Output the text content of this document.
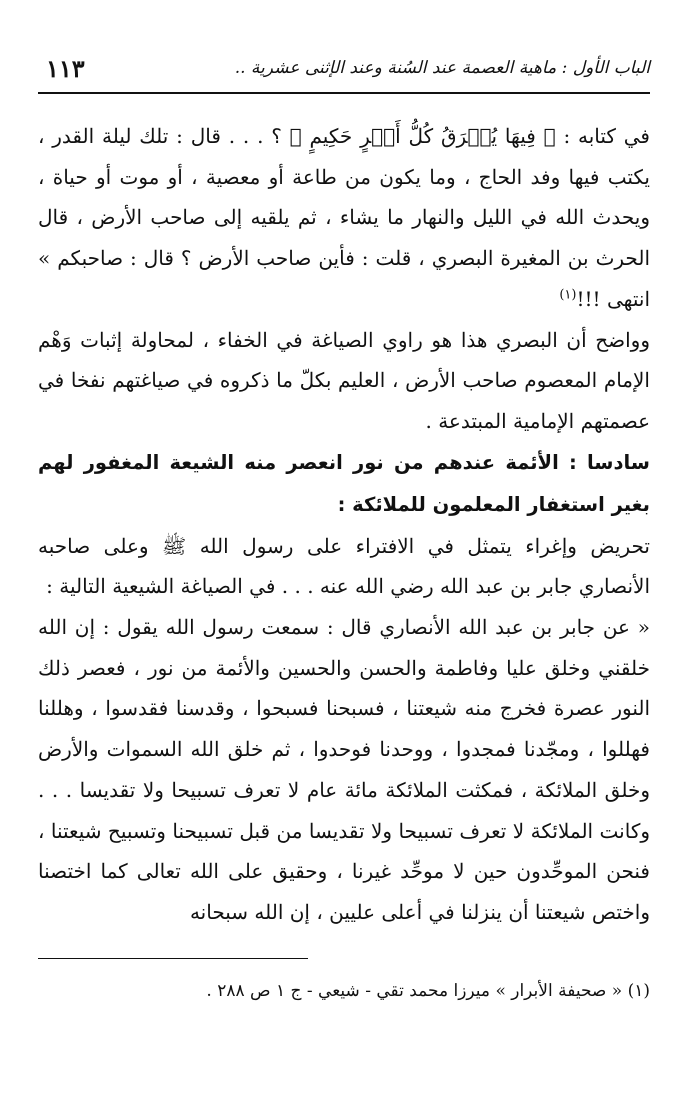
الباب الأول : ماهية العصمة عند السُنة وعند الإثنى عشرية ..
١١٣

في كتابه : ﴿ فِيهَا يُفۡرَقُ كُلُّ أَمۡرٍ حَكِيمٍ ﴾ ؟ . . . قال : تلك ليلة القدر ، يكتب فيها وفد الحاج ، وما يكون من طاعة أو معصية ، أو موت أو حياة ، ويحدث الله في الليل والنهار ما يشاء ، ثم يلقيه إلى صاحب الأرض ، قال الحرث بن المغيرة البصري ، قلت : فأين صاحب الأرض ؟ قال : صاحبكم » انتهى !!!$^{(١)}$

وواضح أن البصري هذا هو راوي الصياغة في الخفاء ، لمحاولة إثبات وَهْم الإمام المعصوم صاحب الأرض ، العليم بكلّ ما ذكروه في صياغتهم نفخا في عصمتهم الإمامية المبتدعة .

سادسا : الأئمة عندهم من نور انعصر منه الشيعة المغفور لهم بغير استغفار المعلمون للملائكة :

تحريض وإغراء يتمثل في الافتراء على رسول الله ﷺ وعلى صاحبه الأنصاري جابر بن عبد الله رضي الله عنه . . . في الصياغة الشيعية التالية :

« عن جابر بن عبد الله الأنصاري قال : سمعت رسول الله يقول : إن الله خلقني وخلق عليا وفاطمة والحسن والحسين والأئمة من نور ، فعصر ذلك النور عصرة فخرج منه شيعتنا ، فسبحنا فسبحوا ، وقدسنا فقدسوا ، وهللنا فهللوا ، ومجّدنا فمجدوا ، ووحدنا فوحدوا ، ثم خلق الله السموات والأرض وخلق الملائكة ، فمكثت الملائكة مائة عام لا تعرف تسبيحا ولا تقديسا . . . وكانت الملائكة لا تعرف تسبيحا ولا تقديسا من قبل تسبيحنا وتسبيح شيعتنا ، فنحن الموحِّدون حين لا موحِّد غيرنا ، وحقيق على الله تعالى كما اختصنا واختص شيعتنا أن ينزلنا في أعلى عليين ، إن الله سبحانه

(١) « صحيفة الأبرار » ميرزا محمد تقي - شيعي - ج ١ ص ٢٨٨ .
